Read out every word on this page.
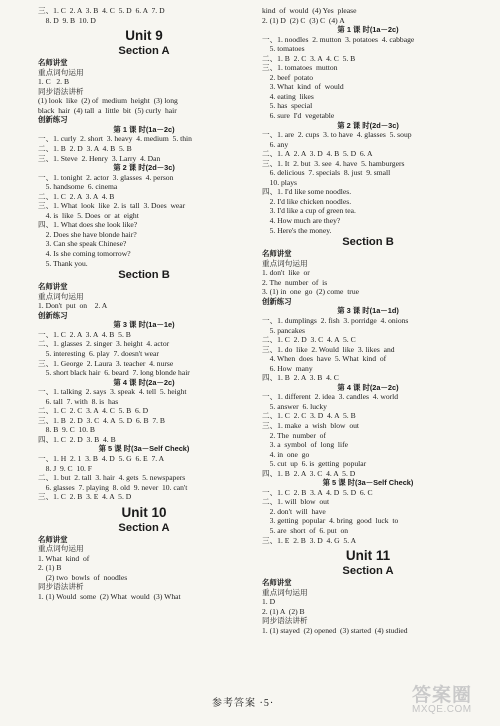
三、1. C  2. A  3. B  4. C  5. D  6. A  7. D
8. D  9. B  10. D
Unit 9
Section A
名师讲堂
重点词句运用
1. C   2. B
同步语法讲析
(1) look  like  (2) of  medium  height  (3) long
black  hair  (4) tall  a  little  bit  (5) curly  hair
创新练习
第 1 课 时(1a－2c)
一、1. curly  2. short  3. heavy  4. medium  5. thin
二、1. B  2. D  3. A  4. B  5. B
三、1. Steve  2. Henry  3. Larry  4. Dan
第 2 课 时(2d－3c)
一、1. tonight  2. actor  3. glasses  4. person
5. handsome  6. cinema
二、1. C  2. A  3. A  4. B
三、1. What  look  like  2. is  tall  3. Does  wear
4. is  like  5. Does  or  at  eight
四、1. What does she look like?
2. Does she have blonde hair?
3. Can she speak Chinese?
4. Is she coming tomorrow?
5. Thank you.
Section B
名师讲堂
重点词句运用
1. Don't  put  on    2. A
创新练习
第 3 课 时(1a－1e)
一、1. C  2. A  3. A  4. B  5. B
二、1. glasses  2. singer  3. height  4. actor
5. interesting  6. play  7. doesn't wear
三、1. George  2. Laura  3. teacher  4. nurse
5. short black hair  6. beard  7. long blonde hair
第 4 课 时(2a－2c)
一、1. talking  2. says  3. speak  4. tell  5. height
6. tall  7. with  8. is  has
二、1. C  2. C  3. A  4. C  5. B  6. D
三、1. B  2. D  3. C  4. A  5. D  6. B  7. B
8. B  9. C  10. B
四、1. C  2. D  3. B  4. B
第 5 课 时(3a－Self Check)
一、1. H  2. 1  3. B  4. D  5. G  6. E  7. A
8. J  9. C  10. F
二、1. but  2. tall  3. hair  4. gets  5. newspapers
6. glasses  7. playing  8. old  9. never  10. can't
三、1. C  2. B  3. E  4. A  5. D
Unit 10
Section A
名师讲堂
重点词句运用
1. What  kind  of
2. (1) B
(2) two  bowls  of  noodles
同步语法讲析
1. (1) Would  some  (2) What  would  (3) What
kind  of  would  (4) Yes  please
2. (1) D  (2) C  (3) C  (4) A
第 1 课 时(1a－2c)
一、1. noodles  2. mutton  3. potatoes  4. cabbage
5. tomatoes
二、1. B  2. C  3. A  4. C  5. B
三、1. tomatoes  mutton
2. beef  potato
3. What  kind  of  would
4. eating  likes
5. has  special
6. sure  I'd  vegetable
第 2 课 时(2d－3c)
一、1. are  2. cups  3. to have  4. glasses  5. soup
6. any
二、1. A  2. A  3. D  4. B  5. D  6. A
三、1. It  2. but  3. see  4. have  5. hamburgers
6. delicious  7. specials  8. just  9. small
10. plays
四、1. I'd like some noodles.
2. I'd like chicken noodles.
3. I'd like a cup of green tea.
4. How much are they?
5. Here's the money.
Section B
名师讲堂
重点词句运用
1. don't  like  or
2. The  number  of  is
3. (1) in  one  go  (2) come  true
创新练习
第 3 课 时(1a－1d)
一、1. dumplings  2. fish  3. porridge  4. onions
5. pancakes
二、1. C  2. D  3. C  4. A  5. C
三、1. do  like  2. Would  like  3. likes  and
4. When  does  have  5. What  kind  of
6. How  many
四、1. B  2. A  3. B  4. C
第 4 课 时(2a－2c)
一、1. different  2. idea  3. candles  4. world
5. answer  6. lucky
二、1. C  2. C  3. D  4. A  5. B
三、1. make  a  wish  blow  out
2. The  number  of
3. a  symbol  of  long  life
4. in  one  go
5. cut  up  6. is  getting  popular
四、1. B  2. A  3. C  4. A  5. D
第 5 课 时(3a－Self Check)
一、1. C  2. B  3. A  4. D  5. D  6. C
二、1. will  blow  out
2. don't  will  have
3. getting  popular  4. bring  good  luck  to
5. are  short  of  6. put  on
三、1. E  2. B  3. D  4. G  5. A
Unit 11
Section A
名师讲堂
重点词句运用
1. D
2. (1) A  (2) B
同步语法讲析
1. (1) stayed  (2) opened  (3) started  (4) studied
参考答案 ·5·	答案圈
MXQE.COM
